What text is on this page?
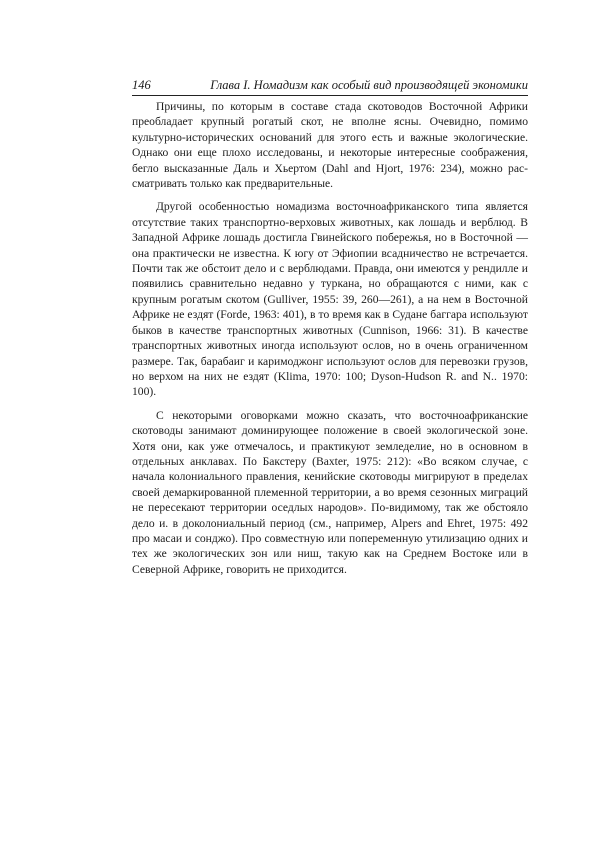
146	Глава I. Номадизм как особый вид производящей экономики

Причины, по которым в составе стада скотоводов Восточной Африки преобладает крупный рогатый скот, не вполне ясны. Очевидно, помимо культурно-исторических оснований для этого есть и важные экологические. Однако они еще плохо исследованы, и некоторые интересные соображения, бегло высказанные Даль и Хьертом (Dahl and Hjort, 1976: 234), можно рассматривать только как предварительные.

Другой особенностью номадизма восточноафриканского типа является отсутствие таких транспортно-верховых животных, как лошадь и верблюд. В Западной Африке лошадь достигла Гвинейского побережья, но в Восточной — она практически не известна. К югу от Эфиопии всадничество не встречается. Почти так же обстоит дело и с верблюдами. Правда, они имеются у рендилле и появились сравнительно недавно у туркана, но обращаются с ними, как с крупным рогатым скотом (Gulliver, 1955: 39, 260—261), а на нем в Восточной Африке не ездят (Forde, 1963: 401), в то время как в Судане баггара используют быков в качестве транспортных животных (Cunnison, 1966: 31). В качестве транспортных животных иногда используют ослов, но в очень ограниченном размере. Так, барабаиг и каримоджонг используют ослов для перевозки грузов, но верхом на них не ездят (Klima, 1970: 100; Dyson-Hudson R. and N.. 1970: 100).

С некоторыми оговорками можно сказать, что восточноафриканские скотоводы занимают доминирующее положение в своей экологической зоне. Хотя они, как уже отмечалось, и практикуют земледелие, но в основном в отдельных анклавах. По Бакстеру (Baxter, 1975: 212): «Во всяком случае, с начала колониального правления, кенийские скотоводы мигрируют в пределах своей демаркированной племенной территории, а во время сезонных миграций не пересекают территории оседлых народов». По-видимому, так же обстояло дело и. в доколониальный период (см., например, Alpers and Ehret, 1975: 492 про масаи и сонджо). Про совместную или попеременную утилизацию одних и тех же экологических зон или ниш, такую как на Среднем Востоке или в Северной Африке, говорить не приходится.
